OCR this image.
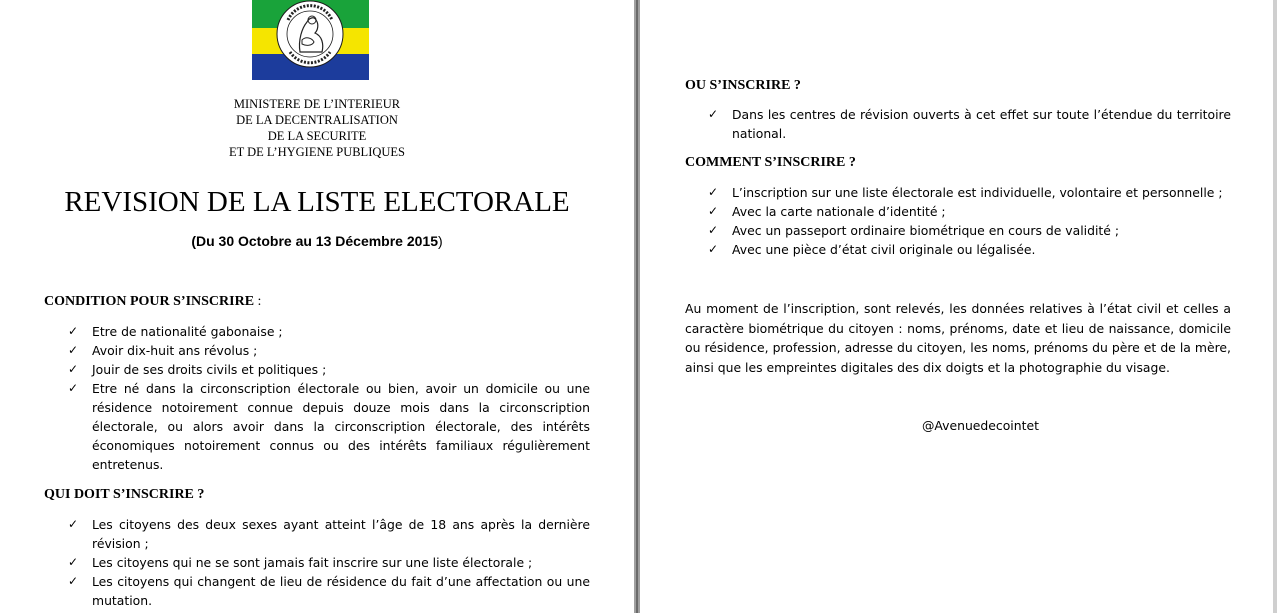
MINISTERE DE L’INTERIEUR
DE LA DECENTRALISATION
DE LA SECURITE
ET DE L’HYGIENE PUBLIQUES
REVISION DE LA LISTE ELECTORALE
(Du 30 Octobre au 13 Décembre 2015)
CONDITION POUR S’INSCRIRE :
✓ Etre de nationalité gabonaise ;
✓ Avoir dix-huit ans révolus ;
✓ Jouir de ses droits civils et politiques ;
✓ Etre né dans la circonscription électorale ou bien, avoir un domicile ou une résidence notoirement connue depuis douze mois dans la circonscription électorale, ou alors avoir dans la circonscription électorale, des intérêts économiques notoirement connus ou des intérêts familiaux régulièrement entretenus.
QUI DOIT S’INSCRIRE ?
✓ Les citoyens des deux sexes ayant atteint l’âge de 18 ans après la dernière révision ;
✓ Les citoyens qui ne se sont jamais fait inscrire sur une liste électorale ;
✓ Les citoyens qui changent de lieu de résidence du fait d’une affectation ou une mutation.
OU S’INSCRIRE ?
✓ Dans les centres de révision ouverts à cet effet sur toute l’étendue du territoire national.
COMMENT S’INSCRIRE ?
✓ L’inscription sur une liste électorale est individuelle, volontaire et personnelle ;
✓ Avec la carte nationale d’identité ;
✓ Avec un passeport ordinaire biométrique en cours de validité ;
✓ Avec une pièce d’état civil originale ou légalisée.
Au moment de l’inscription, sont relevés, les données relatives à l’état civil et celles a caractère biométrique du citoyen : noms, prénoms, date et lieu de naissance, domicile ou résidence, profession, adresse du citoyen, les noms, prénoms du père et de la mère, ainsi que les empreintes digitales des dix doigts et la photographie du visage.
@Avenuedecointet
